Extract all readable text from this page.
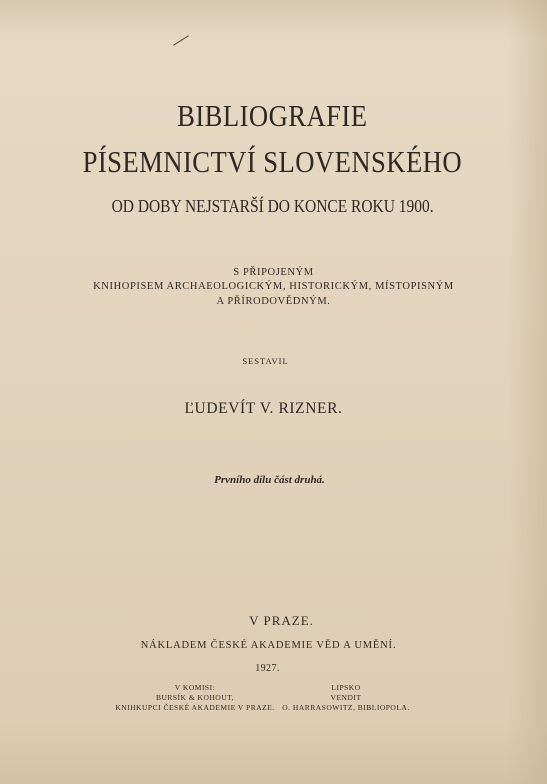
BIBLIOGRAFIE
PÍSEMNICTVÍ SLOVENSKÉHO
OD DOBY NEJSTARŠÍ DO KONCE ROKU 1900.
S PŘIPOJENÝM
KNIHOPISEM ARCHAEOLOGICKÝM, HISTORICKÝM, MÍSTOPISNÝM
A PŘÍRODOVĚDNÝM.
SESTAVIL
ĽUDEVÍT V. RIZNER.
Prvního dílu část druhá.
V PRAZE.
NÁKLADEM ČESKÉ AKADEMIE VĚD A UMĚNÍ.
1927.
V KOMISI:
BURSÍK & KOHOUT,
KNIHKUPCI ČESKÉ AKADEMIE V PRAZE.
LIPSKO
VENDIT
O. HARRASOWITZ, BIBLIOPOLA.
